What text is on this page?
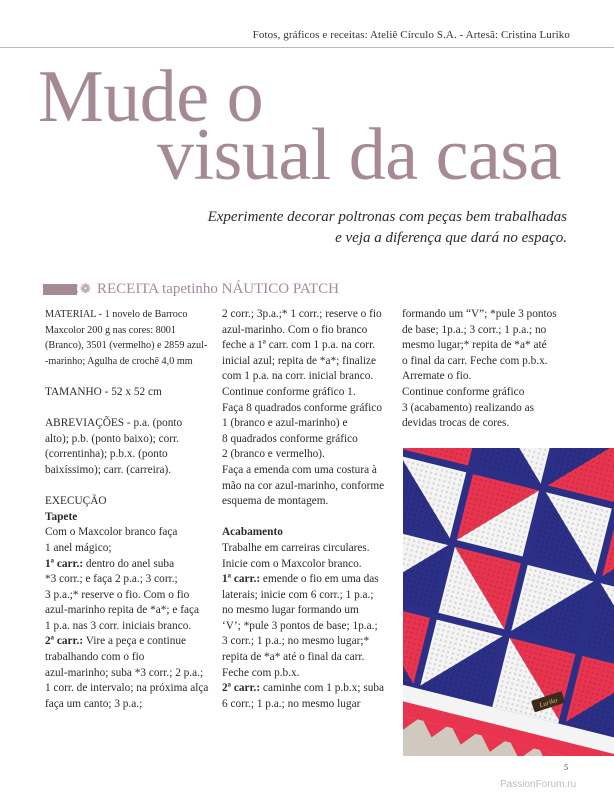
Fotos, gráficos e receitas: Ateliê Círculo S.A. - Artesã: Cristina Luriko
Mude o
visual da casa
Experimente decorar poltronas com peças bem trabalhadas
e veja a diferença que dará no espaço.
❁ RECEITA tapetinho NÁUTICO PATCH

MATERIAL - 1 novelo de Barroco

Maxcolor 200 g nas cores: 8001

(Branco), 3501 (vermelho) e 2859 azul-

-marinho; Agulha de crochê 4,0 mm

TAMANHO - 52 x 52 cm

ABREVIAÇÕES - p.a. (ponto

alto); p.b. (ponto baixo); corr.

(correntinha); p.b.x. (ponto

baixíssimo); carr. (carreira).

EXECUÇÃO

Tapete

Com o Maxcolor branco faça

1 anel mágico;

1ª carr.: dentro do anel suba

*3 corr.; e faça 2 p.a.; 3 corr.;

3 p.a.;* reserve o fio. Com o fio

azul-marinho repita de *a*; e faça

1 p.a. nas 3 corr. iniciais branco.

2ª carr.: Vire a peça e continue

trabalhando com o fio

azul-marinho; suba *3 corr.; 2 p.a.;

1 corr. de intervalo; na próxima alça

faça um canto; 3 p.a.;

2 corr.; 3p.a.;* 1 corr.; reserve o fio

azul-marinho. Com o fio branco

feche a 1ª carr. com 1 p.a. na corr.

inicial azul; repita de *a*; finalize

com 1 p.a. na corr. inicial branco.

Continue conforme gráfico 1.

Faça 8 quadrados conforme gráfico

1 (branco e azul-marinho) e

8 quadrados conforme gráfico

2 (branco e vermelho).

Faça a emenda com uma costura à

mão na cor azul-marinho, conforme

esquema de montagem.

Acabamento

Trabalhe em carreiras circulares.

Inicie com o Maxcolor branco.

1ª carr.: emende o fio em uma das

laterais; inicie com 6 corr.; 1 p.a.;

no mesmo lugar formando um

‘V’; *pule 3 pontos de base; 1p.a.;

3 corr.; 1 p.a.; no mesmo lugar;*

repita de *a* até o final da carr.

Feche com p.b.x.

2ª carr.: caminhe com 1 p.b.x; suba

6 corr.; 1 p.a.; no mesmo lugar

formando um “V”; *pule 3 pontos

de base; 1p.a.; 3 corr.; 1 p.a.; no

mesmo lugar;* repita de *a* até

o final da carr. Feche com p.b.x.

Arremate o fio.

Continue conforme gráfico

3 (acabamento) realizando as

devidas trocas de cores.

Luriko
5
PassionForum.ru
